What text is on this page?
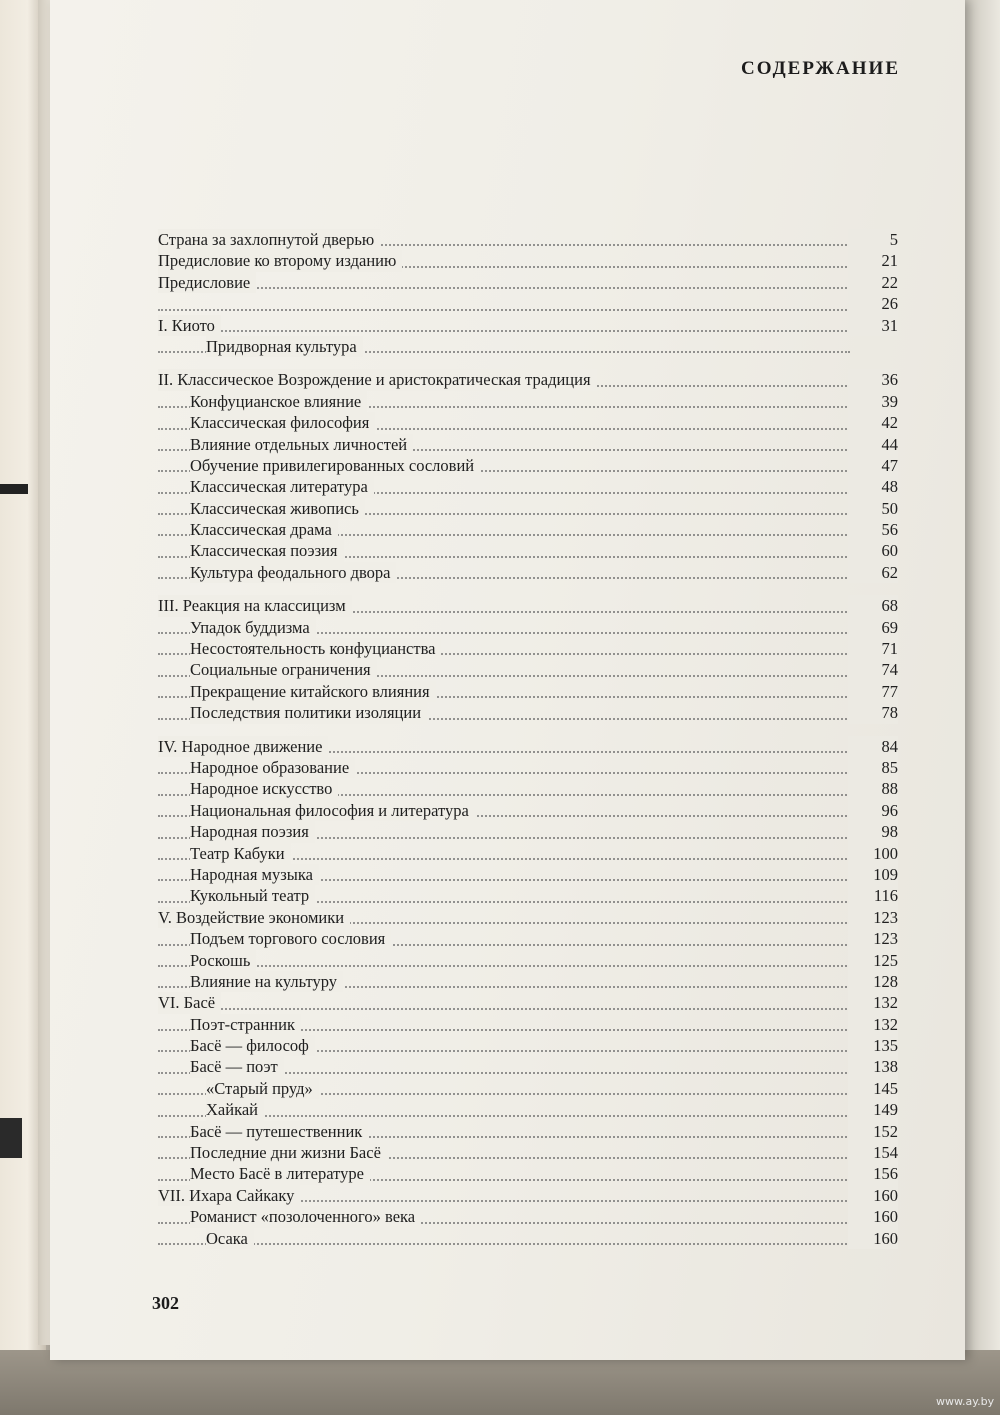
СОДЕРЖАНИЕ
Страна за захлопнутой дверью	5
Предисловие ко второму изданию	21
Предисловие	22
26
I. Киото	31
Придворная культура
II. Классическое Возрождение и аристократическая традиция	36
Конфуцианское влияние	39
Классическая философия	42
Влияние отдельных личностей	44
Обучение привилегированных сословий	47
Классическая литература	48
Классическая живопись	50
Классическая драма	56
Классическая поэзия	60
Культура феодального двора	62
III. Реакция на классицизм	68
Упадок буддизма	69
Несостоятельность конфуцианства	71
Социальные ограничения	74
Прекращение китайского влияния	77
Последствия политики изоляции	78
IV. Народное движение	84
Народное образование	85
Народное искусство	88
Национальная философия и литература	96
Народная поэзия	98
Театр Кабуки	100
Народная музыка	109
Кукольный театр	116
V. Воздействие экономики	123
Подъем торгового сословия	123
Роскошь	125
Влияние на культуру	128
VI. Басё	132
Поэт-странник	132
Басё — философ	135
Басё — поэт	138
«Старый пруд»	145
Хайкай	149
Басё — путешественник	152
Последние дни жизни Басё	154
Место Басё в литературе	156
VII. Ихара Сайкаку	160
Романист «позолоченного» века	160
Осака	160
302
www.ay.by
